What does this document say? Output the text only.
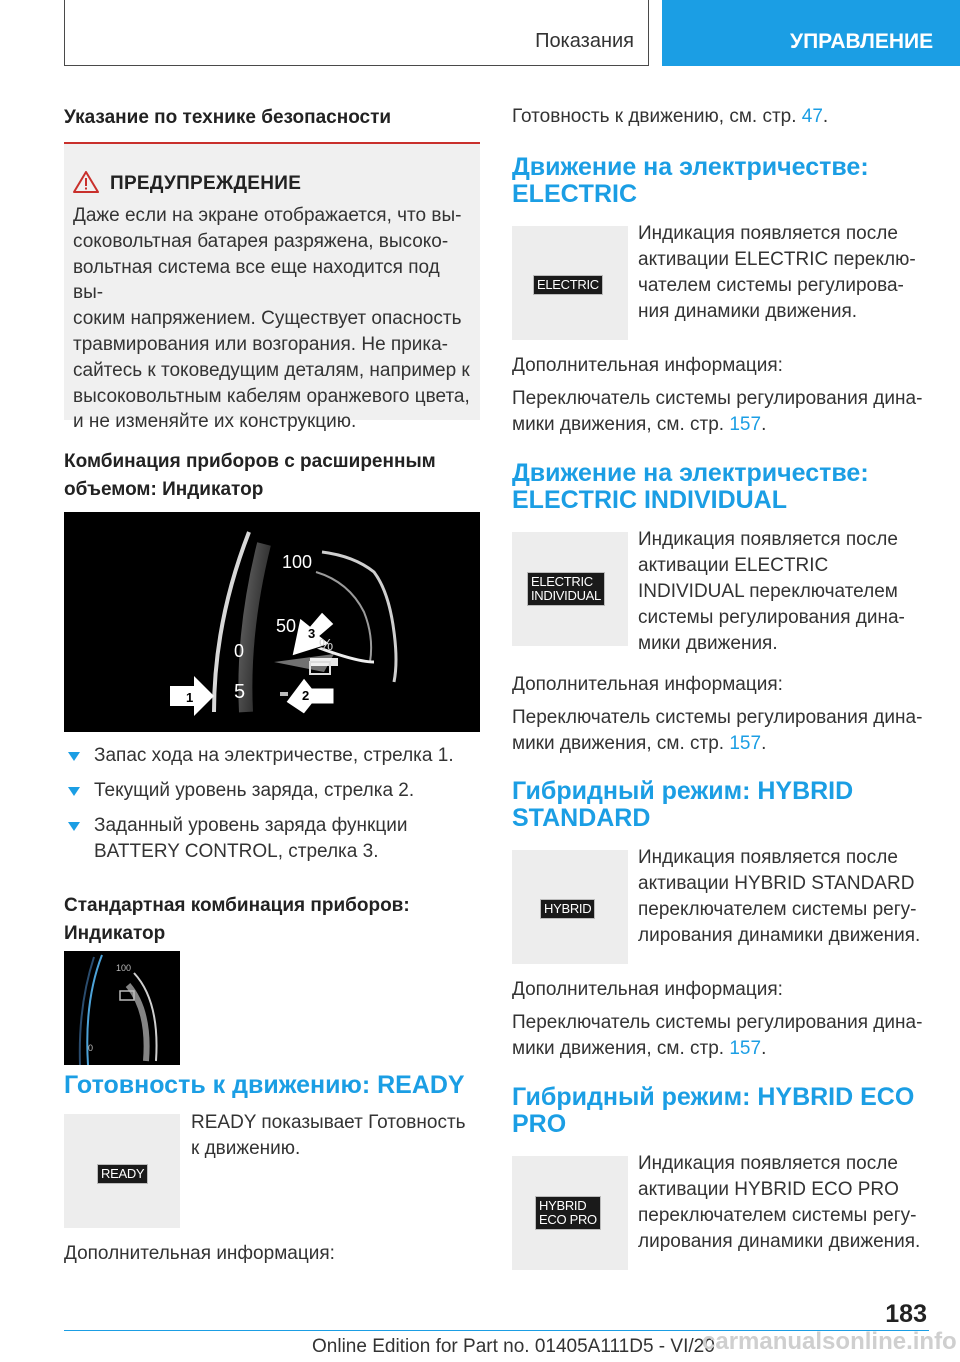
Показания	УПРАВЛЕНИЕ
Указание по технике безопасности
ПРЕДУПРЕЖДЕНИЕ
Даже если на экране отображается, что вы-
соковольтная батарея разряжена, высоко-
вольтная система все еще находится под вы-
соким напряжением. Существует опасность
травмирования или возгорания. Не прика-
сайтесь к токоведущим деталям, например к
высоковольтным кабелям оранжевого цвета,
и не изменяйте их конструкцию.
Комбинация приборов с расширенным
объемом: Индикатор
100
50
0
5
%
1
3
2
Запас хода на электричестве, стрелка 1.
Текущий уровень заряда, стрелка 2.
Заданный уровень заряда функции
BATTERY CONTROL, стрелка 3.
Стандартная комбинация приборов:
Индикатор
100
0
Готовность к движению: READY
READY
READY показывает Готовность
к движению.
Дополнительная информация:
Готовность к движению, см. стр. 47.
Движение на электричестве:
ELECTRIC
ELECTRIC
Индикация появляется после
активации ELECTRIC переклю-
чателем системы регулирова-
ния динамики движения.
Дополнительная информация:
Переключатель системы регулирования дина-
мики движения, см. стр. 157.
Движение на электричестве:
ELECTRIC INDIVIDUAL
ELECTRIC
INDIVIDUAL
Индикация появляется после
активации ELECTRIC
INDIVIDUAL переключателем
системы регулирования дина-
мики движения.
Дополнительная информация:
Переключатель системы регулирования дина-
мики движения, см. стр. 157.
Гибридный режим: HYBRID
STANDARD
HYBRID
Индикация появляется после
активации HYBRID STANDARD
переключателем системы регу-
лирования динамики движения.
Дополнительная информация:
Переключатель системы регулирования дина-
мики движения, см. стр. 157.
Гибридный режим: HYBRID ECO
PRO
HYBRID
ECO PRO
Индикация появляется после
активации HYBRID ECO PRO
переключателем системы регу-
лирования динамики движения.
183
Online Edition for Part no. 01405A111D5 - VI/20
carmanualsonline.info
